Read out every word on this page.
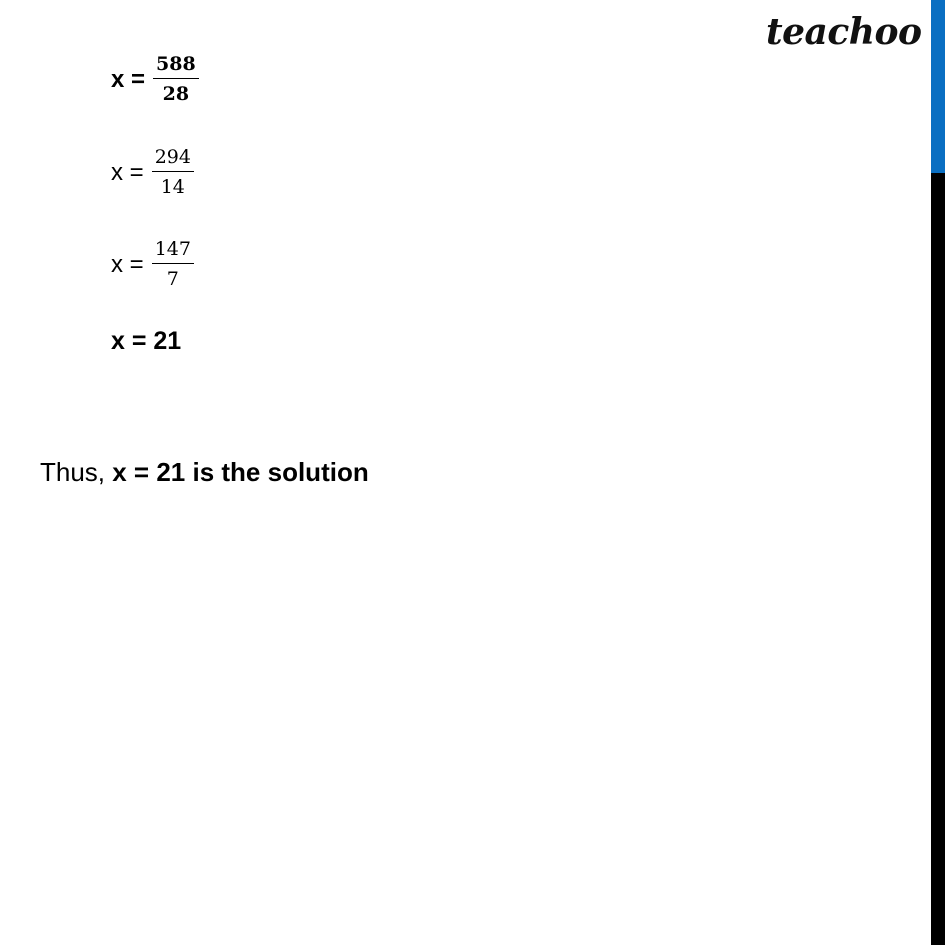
teachoo
$x = \frac{588}{28}$
$x = \frac{294}{14}$
$x = \frac{147}{7}$
x = 21
Thus, x = 21 is the solution
